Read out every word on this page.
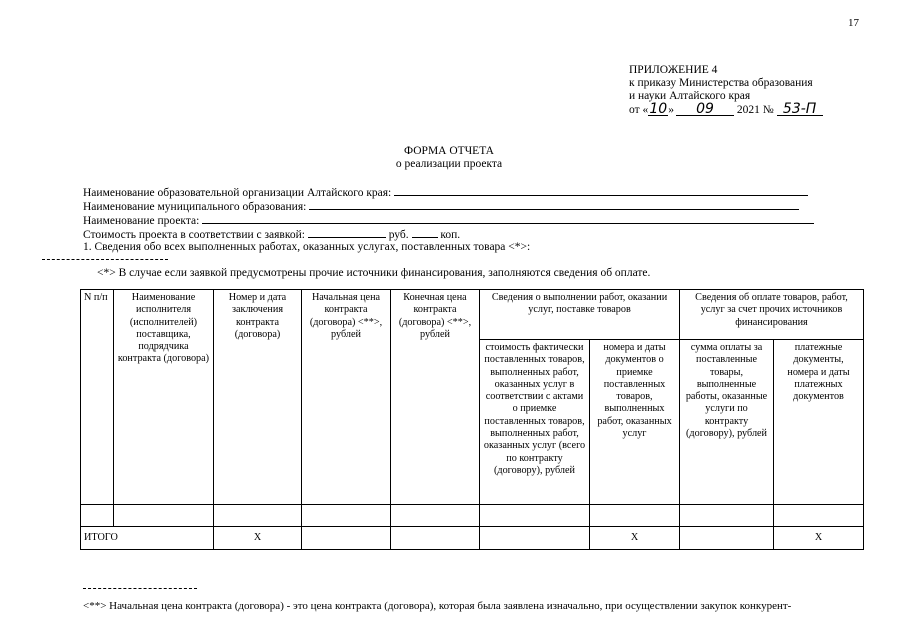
17
ПРИЛОЖЕНИЕ 4
к приказу Министерства образования
и науки Алтайского края
от «10» 09 2021 № 53-П
ФОРМА ОТЧЕТА
о реализации проекта
Наименование образовательной организации Алтайского края:
Наименование муниципального образования:
Наименование проекта:
Стоимость проекта в соответствии с заявкой:	руб.	коп.
1. Сведения обо всех выполненных работах, оказанных услугах, поставленных товара <*>:
<*> В случае если заявкой предусмотрены прочие источники финансирования, заполняются сведения об оплате.
N п/п	Наименование исполнителя (исполнителей) поставщика, подрядчика контракта (договора)	Номер и дата заключения контракта (договора)	Начальная цена контракта (договора) <**>, рублей	Конечная цена контракта (договора) <**>, рублей	Сведения о выполнении работ, оказании услуг, поставке товаров		Сведения об оплате товаров, работ, услуг за счет прочих источников финансирования	
					стоимость фактически поставленных товаров, выполненных работ, оказанных услуг в соответствии с актами о приемке поставленных товаров, выполненных работ, оказанных услуг (всего по контракту (договору), рублей	номера и даты документов о приемке поставленных товаров, выполненных работ, оказанных услуг	сумма оплаты за поставленные товары, выполненные работы, оказанные услуги по контракту (договору), рублей	платежные документы, номера и даты платежных документов

ИТОГО		Х				Х		Х
<**> Начальная цена контракта (договора) - это цена контракта (договора), которая была заявлена изначально, при осуществлении закупок конкурент-
